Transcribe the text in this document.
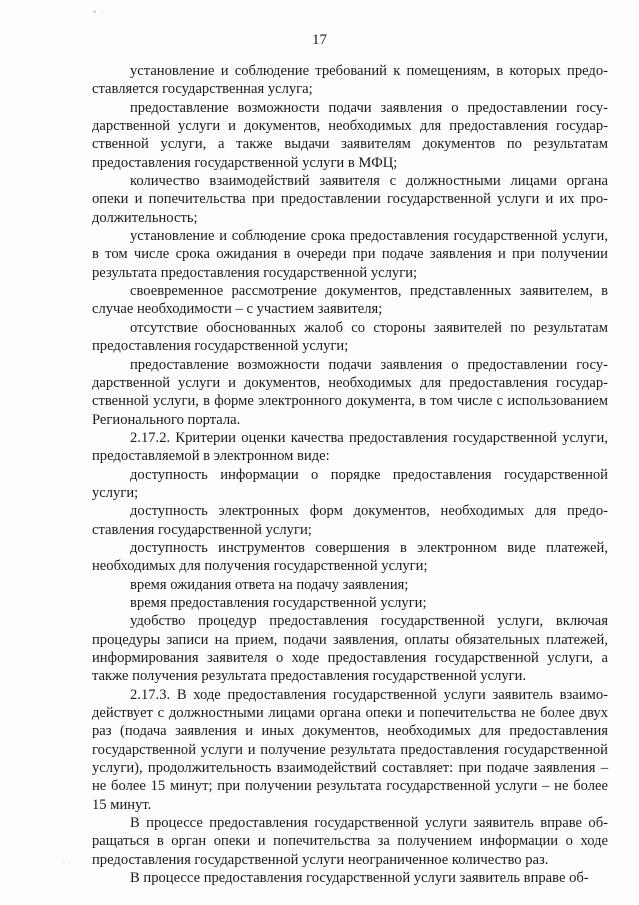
• ·
· ·
17

установление и соблюдение требований к помещениям, в которых предоставляется государственная услуга;

предоставление возможности подачи заявления о предоставлении государственной услуги и документов, необходимых для предоставления государственной услуги, а также выдачи заявителям документов по результатам предоставления государственной услуги в МФЦ;

количество взаимодействий заявителя с должностными лицами органа опеки и попечительства при предоставлении государственной услуги и их продолжительность;

установление и соблюдение срока предоставления государственной услуги, в том числе срока ожидания в очереди при подаче заявления и при получении результата предоставления государственной услуги;

своевременное рассмотрение документов, представленных заявителем, в случае необходимости – с участием заявителя;

отсутствие обоснованных жалоб со стороны заявителей по результатам предоставления государственной услуги;

предоставление возможности подачи заявления о предоставлении государственной услуги и документов, необходимых для предоставления государственной услуги, в форме электронного документа, в том числе с использованием Регионального портала.

2.17.2. Критерии оценки качества предоставления государственной услуги, предоставляемой в электронном виде:

доступность информации о порядке предоставления государственной услуги;

доступность электронных форм документов, необходимых для предоставления государственной услуги;

доступность инструментов совершения в электронном виде платежей, необходимых для получения государственной услуги;

время ожидания ответа на подачу заявления;

время предоставления государственной услуги;

удобство процедур предоставления государственной услуги, включая процедуры записи на прием, подачи заявления, оплаты обязательных платежей, информирования заявителя о ходе предоставления государственной услуги, а также получения результата предоставления государственной услуги.

2.17.3. В ходе предоставления государственной услуги заявитель взаимодействует с должностными лицами органа опеки и попечительства не более двух раз (подача заявления и иных документов, необходимых для предоставления государственной услуги и получение результата предоставления государственной услуги), продолжительность взаимодействий составляет: при подаче заявления – не более 15 минут; при получении результата государственной услуги – не более 15 минут.

В процессе предоставления государственной услуги заявитель вправе обращаться в орган опеки и попечительства за получением информации о ходе предоставления государственной услуги неограниченное количество раз.

В процессе предоставления государственной услуги заявитель вправе об-
